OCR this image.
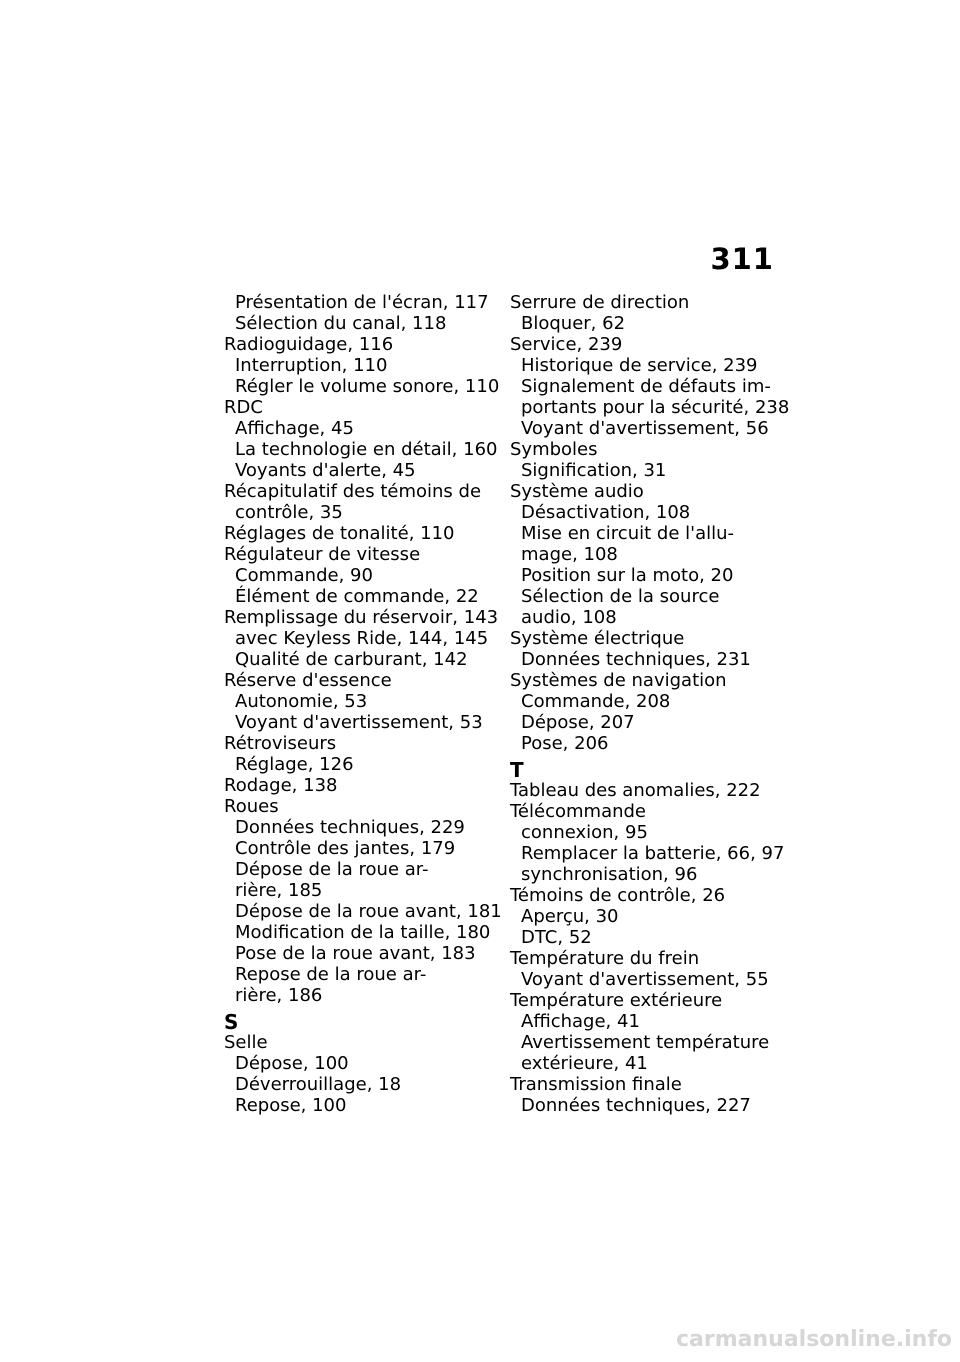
311
Présentation de l'écran, 117
Sélection du canal, 118
Radioguidage, 116
Interruption, 110
Régler le volume sonore, 110
RDC
Affichage, 45
La technologie en détail, 160
Voyants d'alerte, 45
Récapitulatif des témoins de
contrôle, 35
Réglages de tonalité, 110
Régulateur de vitesse
Commande, 90
Élément de commande, 22
Remplissage du réservoir, 143
avec Keyless Ride, 144, 145
Qualité de carburant, 142
Réserve d'essence
Autonomie, 53
Voyant d'avertissement, 53
Rétroviseurs
Réglage, 126
Rodage, 138
Roues
Données techniques, 229
Contrôle des jantes, 179
Dépose de la roue ar-
rière, 185
Dépose de la roue avant, 181
Modification de la taille, 180
Pose de la roue avant, 183
Repose de la roue ar-
rière, 186
S
Selle
Dépose, 100
Déverrouillage, 18
Repose, 100
Serrure de direction
Bloquer, 62
Service, 239
Historique de service, 239
Signalement de défauts im-
portants pour la sécurité, 238
Voyant d'avertissement, 56
Symboles
Signification, 31
Système audio
Désactivation, 108
Mise en circuit de l'allu-
mage, 108
Position sur la moto, 20
Sélection de la source
audio, 108
Système électrique
Données techniques, 231
Systèmes de navigation
Commande, 208
Dépose, 207
Pose, 206
T
Tableau des anomalies, 222
Télécommande
connexion, 95
Remplacer la batterie, 66, 97
synchronisation, 96
Témoins de contrôle, 26
Aperçu, 30
DTC, 52
Température du frein
Voyant d'avertissement, 55
Température extérieure
Affichage, 41
Avertissement température
extérieure, 41
Transmission finale
Données techniques, 227
carmanualsonline.info
